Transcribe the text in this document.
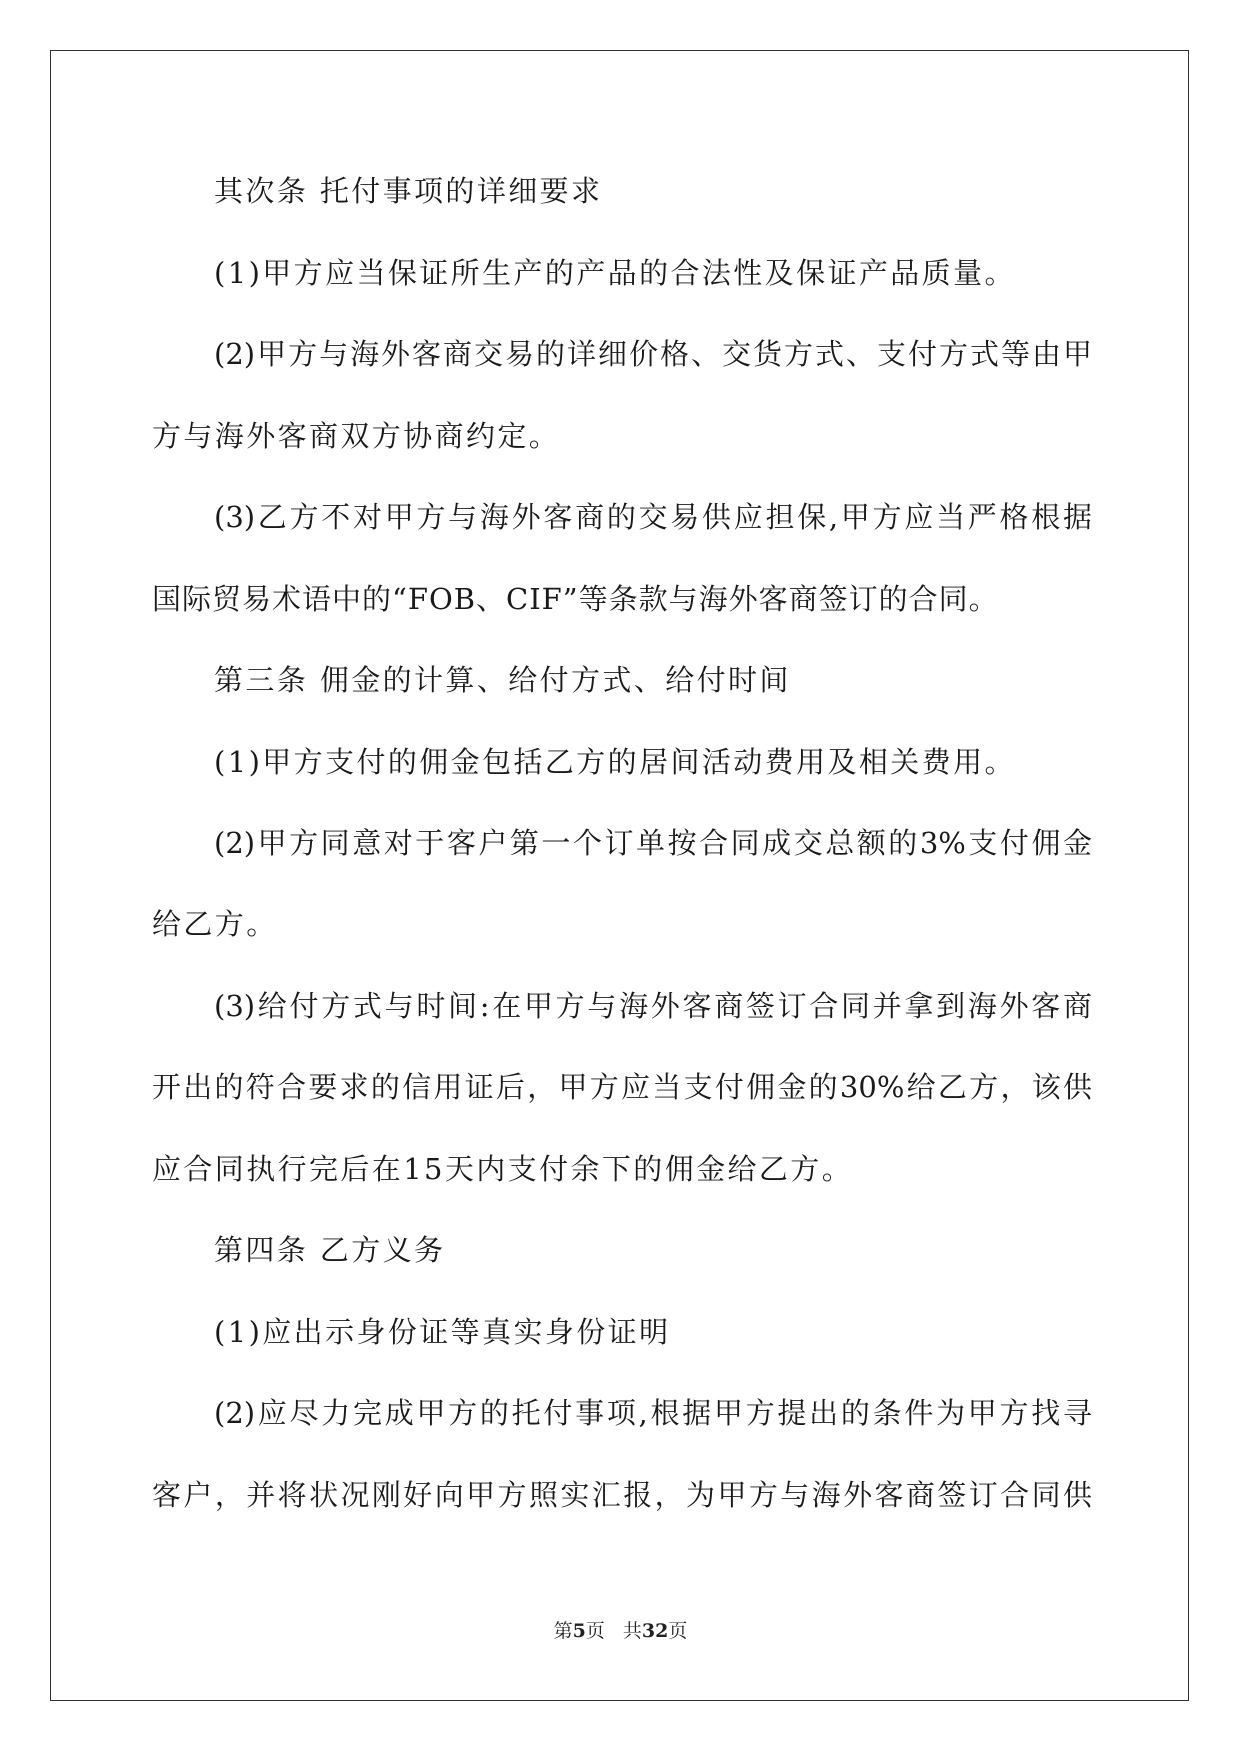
其次条 托付事项的详细要求
(1)甲方应当保证所生产的产品的合法性及保证产品质量。
(2)甲方与海外客商交易的详细价格、交货方式、支付方式等由甲
方与海外客商双方协商约定。
(3)乙方不对甲方与海外客商的交易供应担保,甲方应当严格根据
国际贸易术语中的“FOB、CIF”等条款与海外客商签订的合同。
第三条 佣金的计算、给付方式、给付时间
(1)甲方支付的佣金包括乙方的居间活动费用及相关费用。
(2)甲方同意对于客户第一个订单按合同成交总额的3%支付佣金
给乙方。
(3)给付方式与时间:在甲方与海外客商签订合同并拿到海外客商
开出的符合要求的信用证后，甲方应当支付佣金的30%给乙方，该供
应合同执行完后在15天内支付余下的佣金给乙方。
第四条 乙方义务
(1)应出示身份证等真实身份证明
(2)应尽力完成甲方的托付事项,根据甲方提出的条件为甲方找寻
客户，并将状况刚好向甲方照实汇报，为甲方与海外客商签订合同供
第5页 共32页
